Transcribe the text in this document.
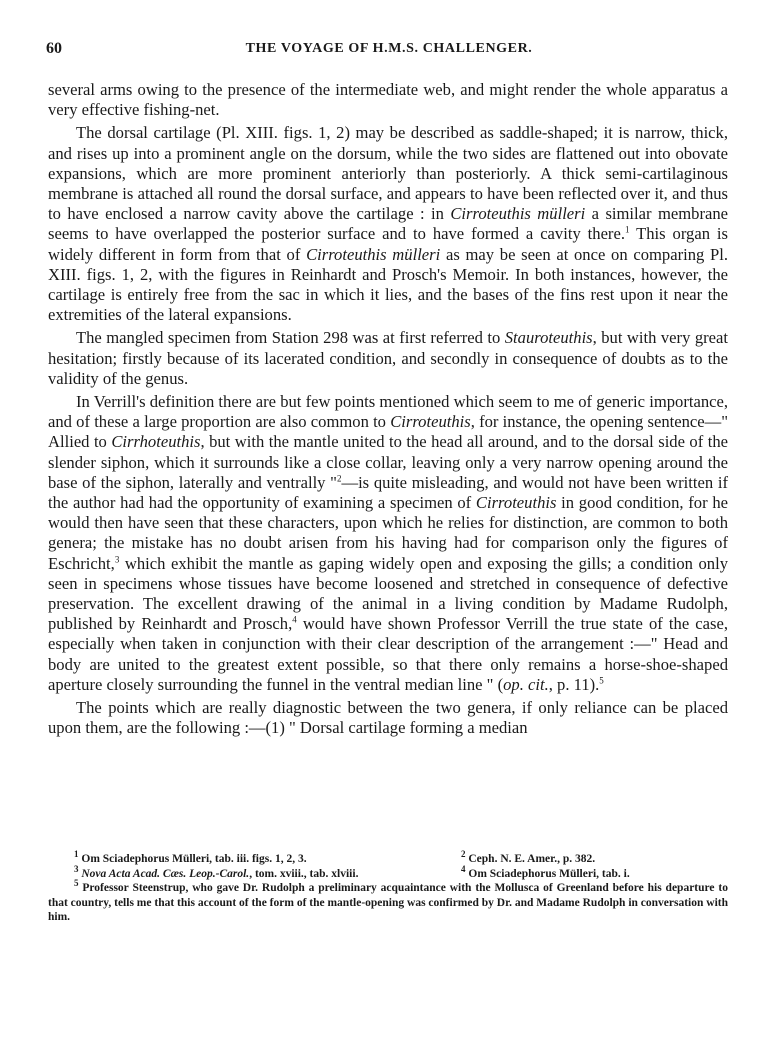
60	THE VOYAGE OF H.M.S. CHALLENGER.

several arms owing to the presence of the intermediate web, and might render the whole apparatus a very effective fishing-net.

The dorsal cartilage (Pl. XIII. figs. 1, 2) may be described as saddle-shaped; it is narrow, thick, and rises up into a prominent angle on the dorsum, while the two sides are flattened out into obovate expansions, which are more prominent anteriorly than posteriorly. A thick semi-cartilaginous membrane is attached all round the dorsal surface, and appears to have been reflected over it, and thus to have enclosed a narrow cavity above the cartilage : in Cirroteuthis mülleri a similar membrane seems to have overlapped the posterior surface and to have formed a cavity there.$^1$ This organ is widely different in form from that of Cirroteuthis mülleri as may be seen at once on comparing Pl. XIII. figs. 1, 2, with the figures in Reinhardt and Prosch's Memoir. In both instances, however, the cartilage is entirely free from the sac in which it lies, and the bases of the fins rest upon it near the extremities of the lateral expansions.

The mangled specimen from Station 298 was at first referred to Stauroteuthis, but with very great hesitation; firstly because of its lacerated condition, and secondly in consequence of doubts as to the validity of the genus.

In Verrill's definition there are but few points mentioned which seem to me of generic importance, and of these a large proportion are also common to Cirroteuthis, for instance, the opening sentence—" Allied to Cirrhoteuthis, but with the mantle united to the head all around, and to the dorsal side of the slender siphon, which it surrounds like a close collar, leaving only a very narrow opening around the base of the siphon, laterally and ventrally "$^2$—is quite misleading, and would not have been written if the author had had the opportunity of examining a specimen of Cirroteuthis in good condition, for he would then have seen that these characters, upon which he relies for distinction, are common to both genera; the mistake has no doubt arisen from his having had for comparison only the figures of Eschricht,$^3$ which exhibit the mantle as gaping widely open and exposing the gills; a condition only seen in specimens whose tissues have become loosened and stretched in consequence of defective preservation. The excellent drawing of the animal in a living condition by Madame Rudolph, published by Reinhardt and Prosch,$^4$ would have shown Professor Verrill the true state of the case, especially when taken in conjunction with their clear description of the arrangement :—" Head and body are united to the greatest extent possible, so that there only remains a horse-shoe-shaped aperture closely surrounding the funnel in the ventral median line " (op. cit., p. 11).$^5$

The points which are really diagnostic between the two genera, if only reliance can be placed upon them, are the following :—(1) " Dorsal cartilage forming a median

$^1$ Om Sciadephorus Mülleri, tab. iii. figs. 1, 2, 3.	$^2$ Ceph. N. E. Amer., p. 382.
$^3$ Nova Acta Acad. Cæs. Leop.-Carol., tom. xviii., tab. xlviii.	$^4$ Om Sciadephorus Mülleri, tab. i.
$^5$ Professor Steenstrup, who gave Dr. Rudolph a preliminary acquaintance with the Mollusca of Greenland before his departure to that country, tells me that this account of the form of the mantle-opening was confirmed by Dr. and Madame Rudolph in conversation with him.
